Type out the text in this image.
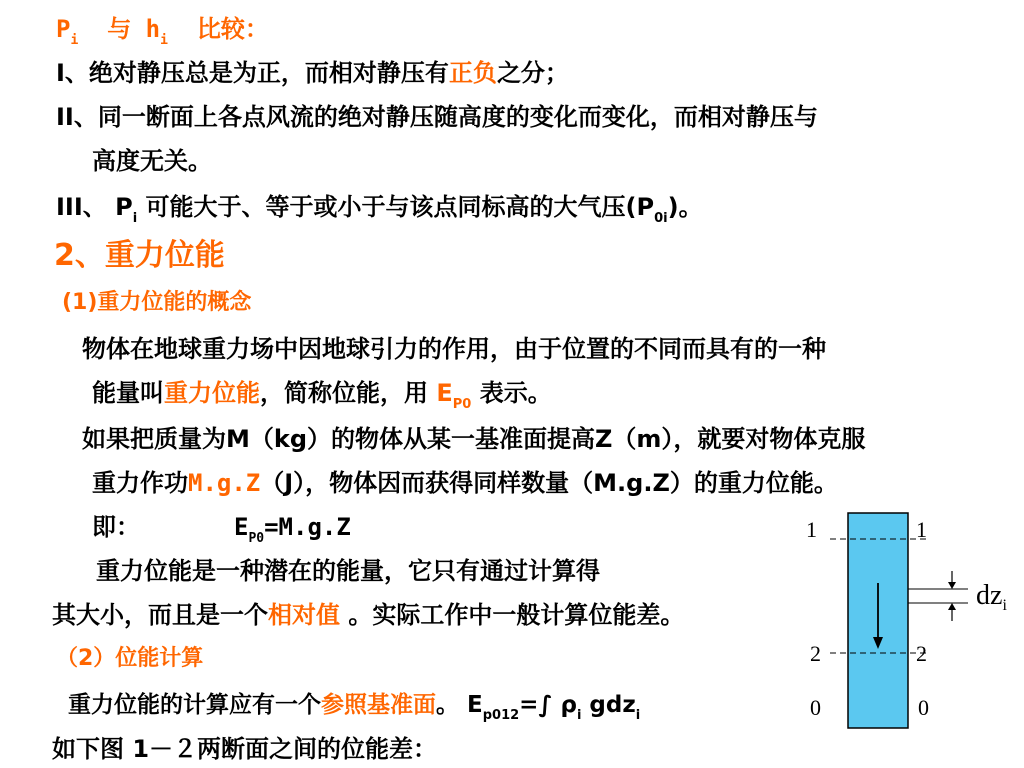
$P_i$ 与 $h_i$ 比较：
I、绝对静压总是为正，而相对静压有正负之分；
II、同一断面上各点风流的绝对静压随高度的变化而变化，而相对静压与
高度无关。
III、 $P_i$ 可能大于、等于或小于与该点同标高的大气压$(P_{0i})$。
2、重力位能
(1)重力位能的概念
物体在地球重力场中因地球引力的作用，由于位置的不同而具有的一种
能量叫重力位能，简称位能，用 $E_{P0}$ 表示。
如果把质量为M（kg）的物体从某一基准面提高Z（m），就要对物体克服
重力作功M.g.Z（J），物体因而获得同样数量（M.g.Z）的重力位能。
即：	$E_{P0}=M.g.Z$
重力位能是一种潜在的能量，它只有通过计算得
其大小，而且是一个相对值 。实际工作中一般计算位能差。
（2）位能计算
重力位能的计算应有一个参照基准面。 $E_{p012}=\int$ $\rho_i$ gdz$_i$
如下图 1－２两断面之间的位能差：
1	1
2	2
0	0
$dz_i$
